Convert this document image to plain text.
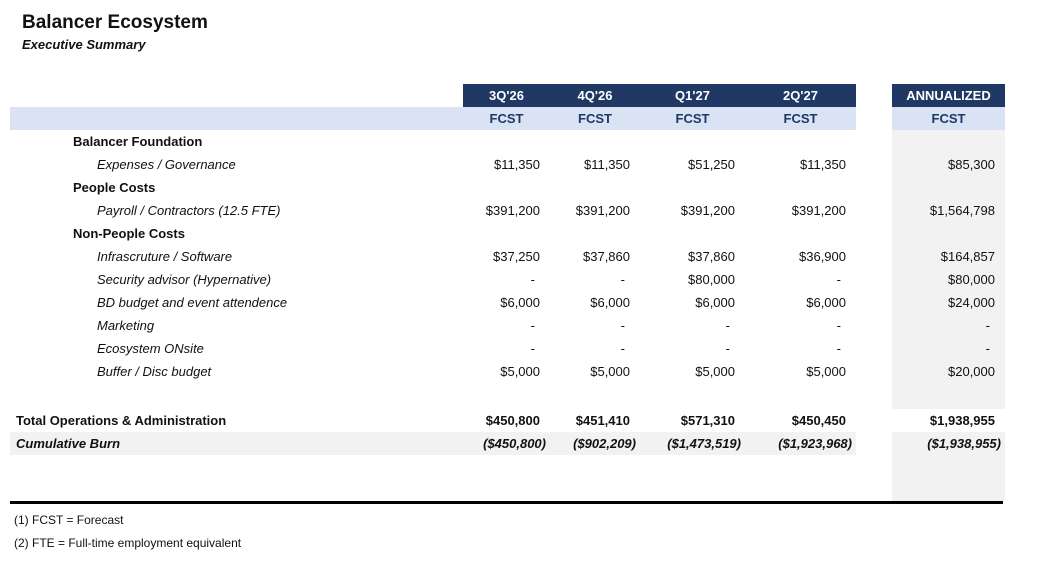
Balancer Ecosystem
Executive Summary
3Q'26	4Q'26	Q1'27	2Q'27	ANNUALIZED
FCST	FCST	FCST	FCST	FCST
Balancer Foundation
Expenses / Governance	$11,350	$11,350	$51,250	$11,350	$85,300
People Costs
Payroll / Contractors (12.5 FTE)	$391,200	$391,200	$391,200	$391,200	$1,564,798
Non-People Costs
Infrascruture / Software	$37,250	$37,860	$37,860	$36,900	$164,857
Security advisor (Hypernative)	-	-	$80,000	-	$80,000
BD budget and event attendence	$6,000	$6,000	$6,000	$6,000	$24,000
Marketing	-	-	-	-	-
Ecosystem ONsite	-	-	-	-	-
Buffer / Disc budget	$5,000	$5,000	$5,000	$5,000	$20,000
Total Operations & Administration	$450,800	$451,410	$571,310	$450,450	$1,938,955
Cumulative Burn	($450,800)	($902,209)	($1,473,519)	($1,923,968)	($1,938,955)
(1) FCST = Forecast
(2) FTE = Full-time employment equivalent
